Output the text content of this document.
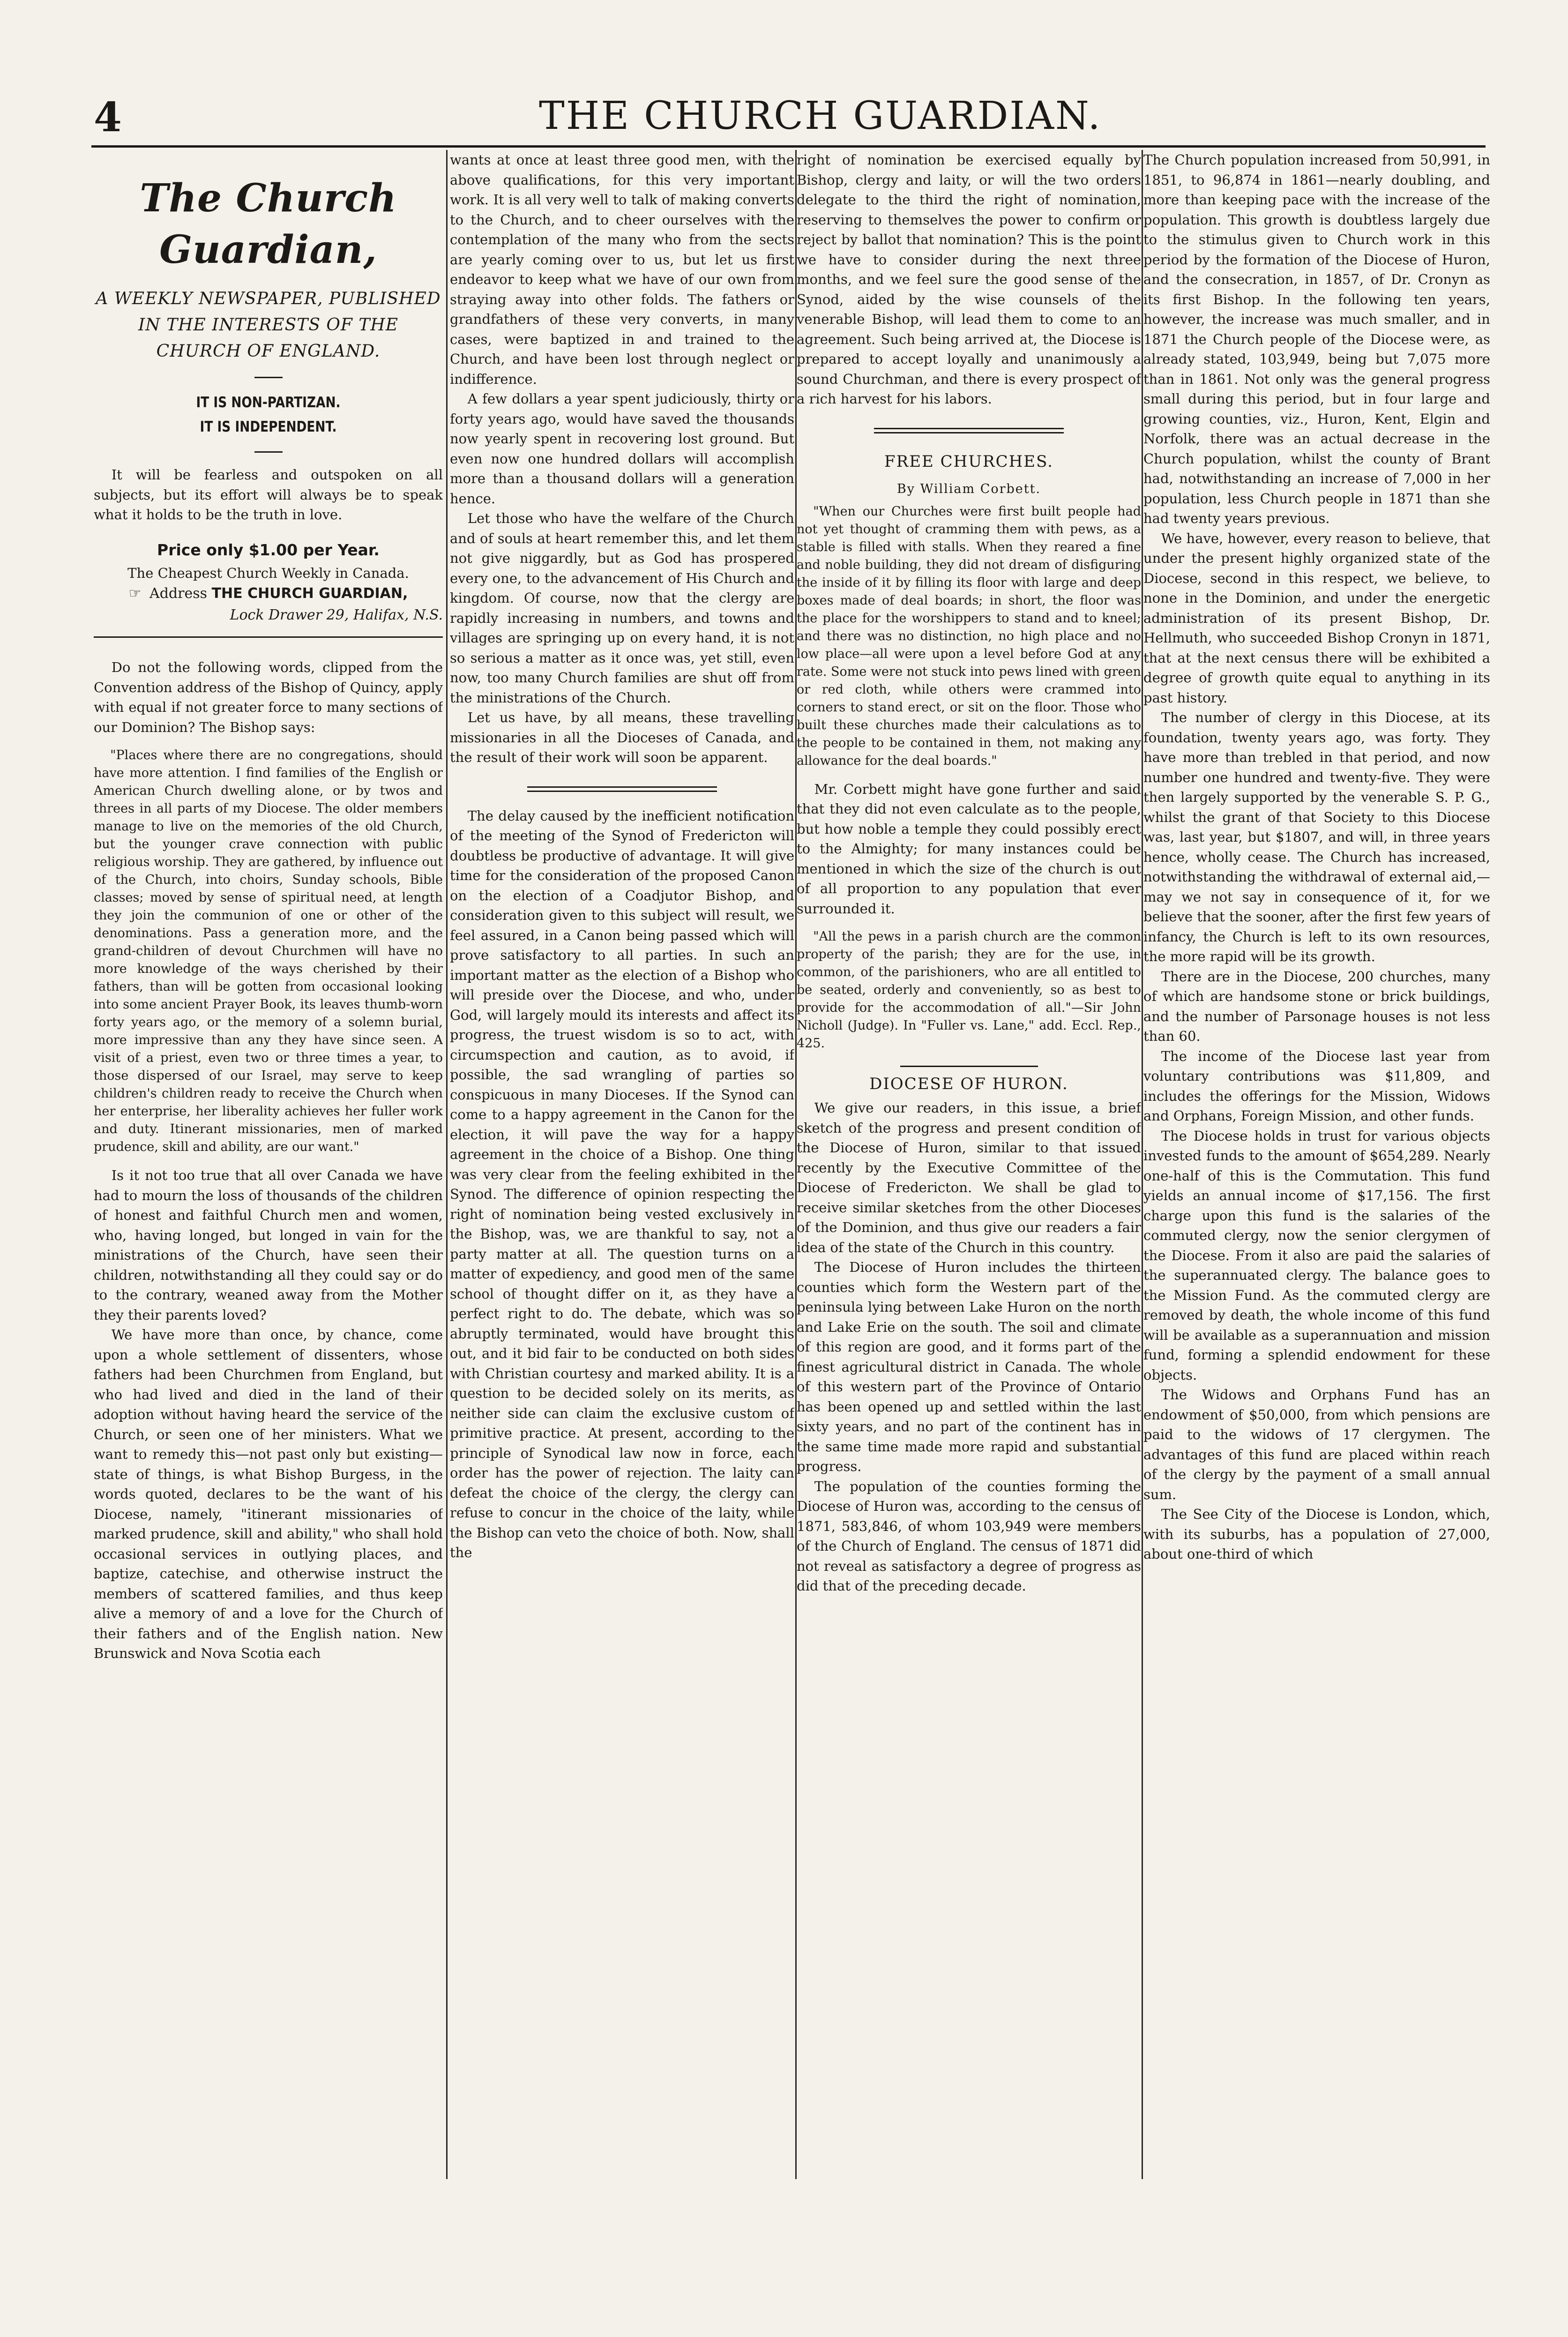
4	THE CHURCH GUARDIAN.
The Church Guardian,
A WEEKLY NEWSPAPER, PUBLISHED IN THE INTERESTS OF THE CHURCH OF ENGLAND.
IT IS NON-PARTIZAN.
IT IS INDEPENDENT.

It will be fearless and outspoken on all subjects, but its effort will always be to speak what it holds to be the truth in love.

Price only $1.00 per Year.

The Cheapest Church Weekly in Canada.

☞ Address THE CHURCH GUARDIAN,
Lock Drawer 29, Halifax, N.S.

Do not the following words, clipped from the Convention address of the Bishop of Quincy, apply with equal if not greater force to many sections of our Dominion? The Bishop says:

"Places where there are no congregations, should have more attention. I find families of the English or American Church dwelling alone, or by twos and threes in all parts of my Diocese. The older members manage to live on the memories of the old Church, but the younger crave connection with public religious worship. They are gathered, by influence out of the Church, into choirs, Sunday schools, Bible classes; moved by sense of spiritual need, at length they join the communion of one or other of the denominations. Pass a generation more, and the grand-children of devout Churchmen will have no more knowledge of the ways cherished by their fathers, than will be gotten from occasional looking into some ancient Prayer Book, its leaves thumb-worn forty years ago, or the memory of a solemn burial, more impressive than any they have since seen. A visit of a priest, even two or three times a year, to those dispersed of our Israel, may serve to keep children's children ready to receive the Church when her enterprise, her liberality achieves her fuller work and duty. Itinerant missionaries, men of marked prudence, skill and ability, are our want."

Is it not too true that all over Canada we have had to mourn the loss of thousands of the children of honest and faithful Church men and women, who, having longed, but longed in vain for the ministrations of the Church, have seen their children, notwithstanding all they could say or do to the contrary, weaned away from the Mother they their parents loved?

We have more than once, by chance, come upon a whole settlement of dissenters, whose fathers had been Churchmen from England, but who had lived and died in the land of their adoption without having heard the service of the Church, or seen one of her ministers. What we want to remedy this—not past only but existing—state of things, is what Bishop Burgess, in the words quoted, declares to be the want of his Diocese, namely, "itinerant missionaries of marked prudence, skill and ability," who shall hold occasional services in outlying places, and baptize, catechise, and otherwise instruct the members of scattered families, and thus keep alive a memory of and a love for the Church of their fathers and of the English nation. New Brunswick and Nova Scotia each

wants at once at least three good men, with the above qualifications, for this very important work. It is all very well to talk of making converts to the Church, and to cheer ourselves with the contemplation of the many who from the sects are yearly coming over to us, but let us first endeavor to keep what we have of our own from straying away into other folds. The fathers or grandfathers of these very converts, in many cases, were baptized in and trained to the Church, and have been lost through neglect or indifference.

A few dollars a year spent judiciously, thirty or forty years ago, would have saved the thousands now yearly spent in recovering lost ground. But even now one hundred dollars will accomplish more than a thousand dollars will a generation hence.

Let those who have the welfare of the Church and of souls at heart remember this, and let them not give niggardly, but as God has prospered every one, to the advancement of His Church and kingdom. Of course, now that the clergy are rapidly increasing in numbers, and towns and villages are springing up on every hand, it is not so serious a matter as it once was, yet still, even now, too many Church families are shut off from the ministrations of the Church.

Let us have, by all means, these travelling missionaries in all the Dioceses of Canada, and the result of their work will soon be apparent.

The delay caused by the inefficient notification of the meeting of the Synod of Fredericton will doubtless be productive of advantage. It will give time for the consideration of the proposed Canon on the election of a Coadjutor Bishop, and consideration given to this subject will result, we feel assured, in a Canon being passed which will prove satisfactory to all parties. In such an important matter as the election of a Bishop who will preside over the Diocese, and who, under God, will largely mould its interests and affect its progress, the truest wisdom is so to act, with circumspection and caution, as to avoid, if possible, the sad wrangling of parties so conspicuous in many Dioceses. If the Synod can come to a happy agreement in the Canon for the election, it will pave the way for a happy agreement in the choice of a Bishop. One thing was very clear from the feeling exhibited in the Synod. The difference of opinion respecting the right of nomination being vested exclusively in the Bishop, was, we are thankful to say, not a party matter at all. The question turns on a matter of expediency, and good men of the same school of thought differ on it, as they have a perfect right to do. The debate, which was so abruptly terminated, would have brought this out, and it bid fair to be conducted on both sides with Christian courtesy and marked ability. It is a question to be decided solely on its merits, as neither side can claim the exclusive custom of primitive practice. At present, according to the principle of Synodical law now in force, each order has the power of rejection. The laity can defeat the choice of the clergy, the clergy can refuse to concur in the choice of the laity, while the Bishop can veto the choice of both. Now, shall the

right of nomination be exercised equally by Bishop, clergy and laity, or will the two orders delegate to the third the right of nomination, reserving to themselves the power to confirm or reject by ballot that nomination? This is the point we have to consider during the next three months, and we feel sure the good sense of the Synod, aided by the wise counsels of the venerable Bishop, will lead them to come to an agreement. Such being arrived at, the Diocese is prepared to accept loyally and unanimously a sound Churchman, and there is every prospect of a rich harvest for his labors.

FREE CHURCHES.
By William Corbett.

"When our Churches were first built people had not yet thought of cramming them with pews, as a stable is filled with stalls. When they reared a fine and noble building, they did not dream of disfiguring the inside of it by filling its floor with large and deep boxes made of deal boards; in short, the floor was the place for the worshippers to stand and to kneel; and there was no distinction, no high place and no low place—all were upon a level before God at any rate. Some were not stuck into pews lined with green or red cloth, while others were crammed into corners to stand erect, or sit on the floor. Those who built these churches made their calculations as to the people to be contained in them, not making any allowance for the deal boards."

Mr. Corbett might have gone further and said that they did not even calculate as to the people, but how noble a temple they could possibly erect to the Almighty; for many instances could be mentioned in which the size of the church is out of all proportion to any population that ever surrounded it.

"All the pews in a parish church are the common property of the parish; they are for the use, in common, of the parishioners, who are all entitled to be seated, orderly and conveniently, so as best to provide for the accommodation of all."—Sir John Nicholl (Judge). In "Fuller vs. Lane," add. Eccl. Rep., 425.

DIOCESE OF HURON.

We give our readers, in this issue, a brief sketch of the progress and present condition of the Diocese of Huron, similar to that issued recently by the Executive Committee of the Diocese of Fredericton. We shall be glad to receive similar sketches from the other Dioceses of the Dominion, and thus give our readers a fair idea of the state of the Church in this country.

The Diocese of Huron includes the thirteen counties which form the Western part of the peninsula lying between Lake Huron on the north and Lake Erie on the south. The soil and climate of this region are good, and it forms part of the finest agricultural district in Canada. The whole of this western part of the Province of Ontario has been opened up and settled within the last sixty years, and no part of the continent has in the same time made more rapid and substantial progress.

The population of the counties forming the Diocese of Huron was, according to the census of 1871, 583,846, of whom 103,949 were members of the Church of England. The census of 1871 did not reveal as satisfactory a degree of progress as did that of the preceding decade.

The Church population increased from 50,991, in 1851, to 96,874 in 1861—nearly doubling, and more than keeping pace with the increase of the population. This growth is doubtless largely due to the stimulus given to Church work in this period by the formation of the Diocese of Huron, and the consecration, in 1857, of Dr. Cronyn as its first Bishop. In the following ten years, however, the increase was much smaller, and in 1871 the Church people of the Diocese were, as already stated, 103,949, being but 7,075 more than in 1861. Not only was the general progress small during this period, but in four large and growing counties, viz., Huron, Kent, Elgin and Norfolk, there was an actual decrease in the Church population, whilst the county of Brant had, notwithstanding an increase of 7,000 in her population, less Church people in 1871 than she had twenty years previous.

We have, however, every reason to believe, that under the present highly organized state of the Diocese, second in this respect, we believe, to none in the Dominion, and under the energetic administration of its present Bishop, Dr. Hellmuth, who succeeded Bishop Cronyn in 1871, that at the next census there will be exhibited a degree of growth quite equal to anything in its past history.

The number of clergy in this Diocese, at its foundation, twenty years ago, was forty. They have more than trebled in that period, and now number one hundred and twenty-five. They were then largely supported by the venerable S. P. G., whilst the grant of that Society to this Diocese was, last year, but $1807, and will, in three years hence, wholly cease. The Church has increased, notwithstanding the withdrawal of external aid,—may we not say in consequence of it, for we believe that the sooner, after the first few years of infancy, the Church is left to its own resources, the more rapid will be its growth.

There are in the Diocese, 200 churches, many of which are handsome stone or brick buildings, and the number of Parsonage houses is not less than 60.

The income of the Diocese last year from voluntary contributions was $11,809, and includes the offerings for the Mission, Widows and Orphans, Foreign Mission, and other funds.

The Diocese holds in trust for various objects invested funds to the amount of $654,289. Nearly one-half of this is the Commutation. This fund yields an annual income of $17,156. The first charge upon this fund is the salaries of the commuted clergy, now the senior clergymen of the Diocese. From it also are paid the salaries of the superannuated clergy. The balance goes to the Mission Fund. As the commuted clergy are removed by death, the whole income of this fund will be available as a superannuation and mission fund, forming a splendid endowment for these objects.

The Widows and Orphans Fund has an endowment of $50,000, from which pensions are paid to the widows of 17 clergymen. The advantages of this fund are placed within reach of the clergy by the payment of a small annual sum.

The See City of the Diocese is London, which, with its suburbs, has a population of 27,000, about one-third of which
